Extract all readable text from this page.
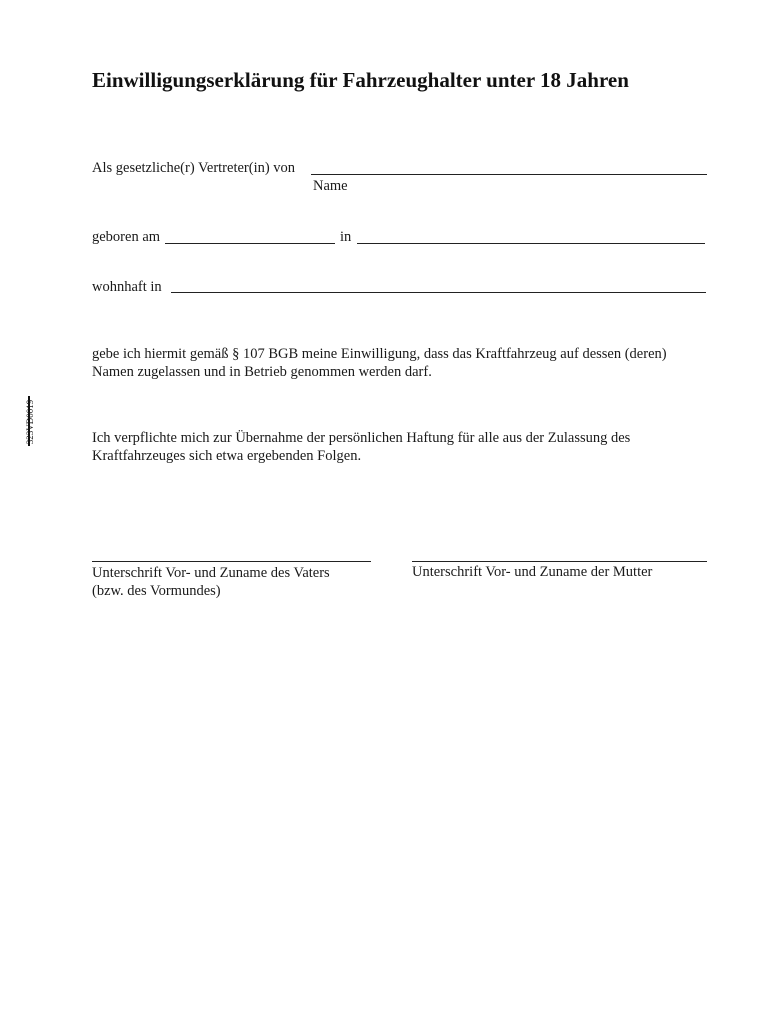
323VD0019
Einwilligungserklärung für Fahrzeughalter unter 18 Jahren
Als gesetzliche(r) Vertreter(in) von
Name
geboren am	in
wohnhaft in
gebe ich hiermit gemäß § 107 BGB meine Einwilligung, dass das Kraftfahrzeug auf dessen (deren)
Namen zugelassen und in Betrieb genommen werden darf.
Ich verpflichte mich zur Übernahme der persönlichen Haftung für alle aus der Zulassung des
Kraftfahrzeuges sich etwa ergebenden Folgen.
Unterschrift Vor- und Zuname des Vaters
(bzw. des Vormundes)
Unterschrift Vor- und Zuname der Mutter
